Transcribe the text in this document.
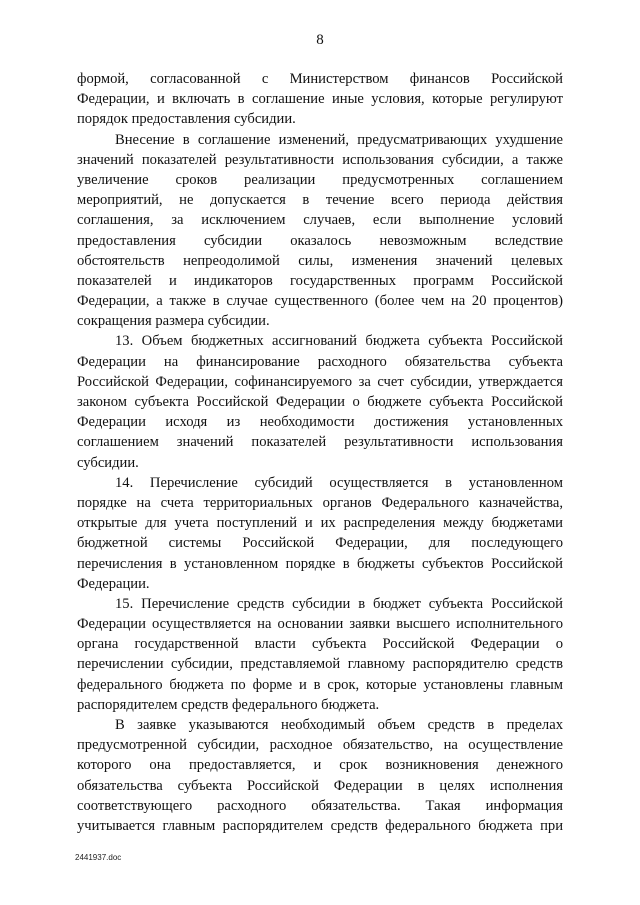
8
формой, согласованной с Министерством финансов Российской
Федерации, и включать в соглашение иные условия, которые регулируют
порядок предоставления субсидии.
Внесение в соглашение изменений, предусматривающих ухудшение
значений показателей результативности использования субсидии, а также
увеличение сроков реализации предусмотренных соглашением
мероприятий, не допускается в течение всего периода действия
соглашения, за исключением случаев, если выполнение условий
предоставления субсидии оказалось невозможным вследствие
обстоятельств непреодолимой силы, изменения значений целевых
показателей и индикаторов государственных программ Российской
Федерации, а также в случае существенного (более чем на 20 процентов)
сокращения размера субсидии.
13. Объем бюджетных ассигнований бюджета субъекта Российской
Федерации на финансирование расходного обязательства субъекта
Российской Федерации, софинансируемого за счет субсидии, утверждается
законом субъекта Российской Федерации о бюджете субъекта Российской
Федерации исходя из необходимости достижения установленных
соглашением значений показателей результативности использования
субсидии.
14. Перечисление субсидий осуществляется в установленном
порядке на счета территориальных органов Федерального казначейства,
открытые для учета поступлений и их распределения между бюджетами
бюджетной системы Российской Федерации, для последующего
перечисления в установленном порядке в бюджеты субъектов Российской
Федерации.
15. Перечисление средств субсидии в бюджет субъекта Российской
Федерации осуществляется на основании заявки высшего исполнительного
органа государственной власти субъекта Российской Федерации о
перечислении субсидии, представляемой главному распорядителю средств
федерального бюджета по форме и в срок, которые установлены главным
распорядителем средств федерального бюджета.
В заявке указываются необходимый объем средств в пределах
предусмотренной субсидии, расходное обязательство, на осуществление
которого она предоставляется, и срок возникновения денежного
обязательства субъекта Российской Федерации в целях исполнения
соответствующего расходного обязательства. Такая информация
учитывается главным распорядителем средств федерального бюджета при
2441937.doc
